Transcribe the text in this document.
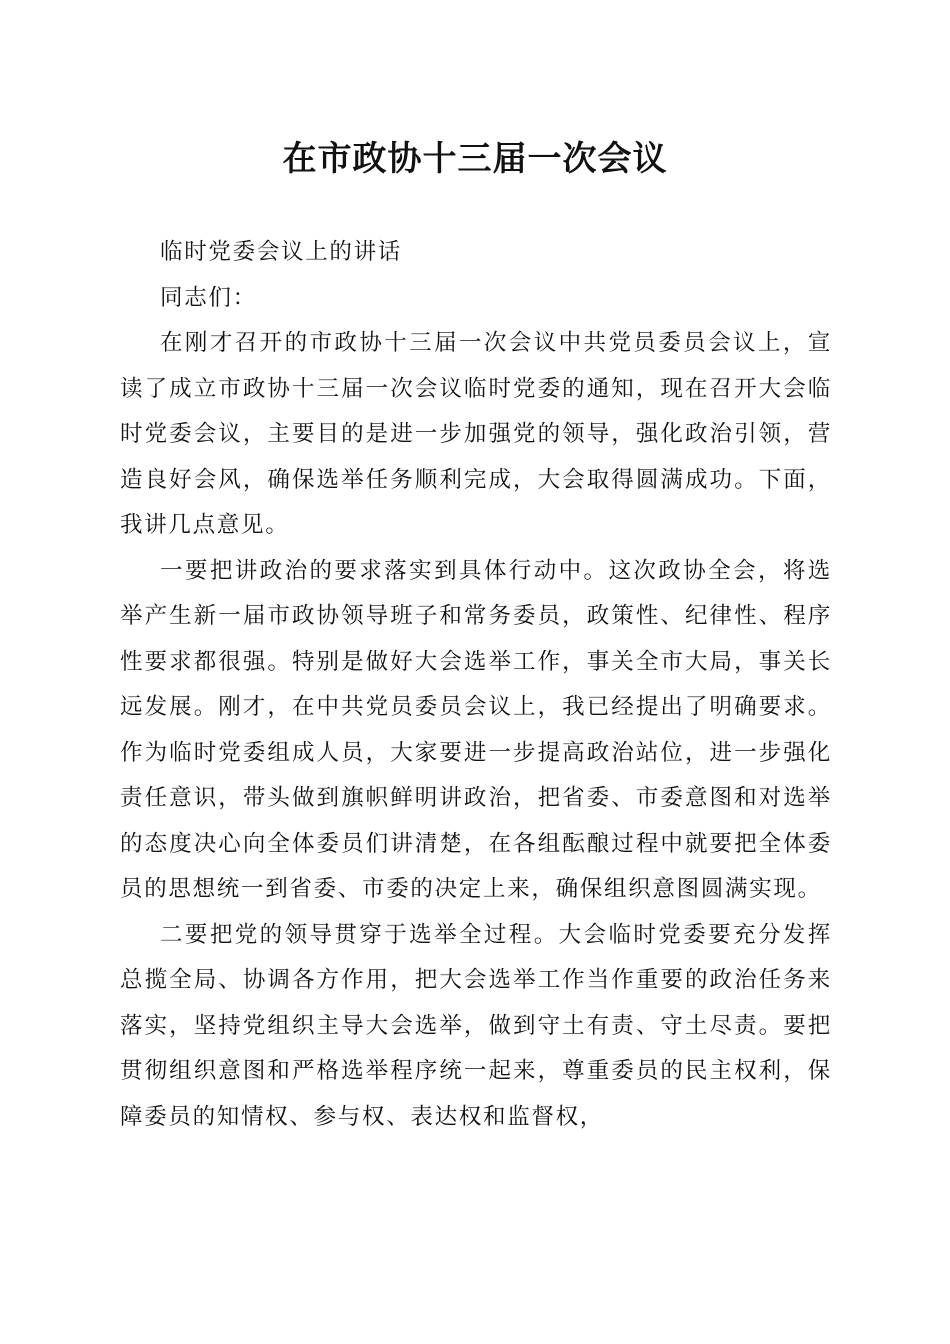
在市政协十三届一次会议

临时党委会议上的讲话

同志们：

在刚才召开的市政协十三届一次会议中共党员委员会议上，宣读了成立市政协十三届一次会议临时党委的通知，现在召开大会临时党委会议，主要目的是进一步加强党的领导，强化政治引领，营造良好会风，确保选举任务顺利完成，大会取得圆满成功。下面，我讲几点意见。

一要把讲政治的要求落实到具体行动中。这次政协全会，将选举产生新一届市政协领导班子和常务委员，政策性、纪律性、程序性要求都很强。特别是做好大会选举工作，事关全市大局，事关长远发展。刚才，在中共党员委员会议上，我已经提出了明确要求。作为临时党委组成人员，大家要进一步提高政治站位，进一步强化责任意识，带头做到旗帜鲜明讲政治，把省委、市委意图和对选举的态度决心向全体委员们讲清楚，在各组酝酿过程中就要把全体委员的思想统一到省委、市委的决定上来，确保组织意图圆满实现。

二要把党的领导贯穿于选举全过程。大会临时党委要充分发挥总揽全局、协调各方作用，把大会选举工作当作重要的政治任务来落实，坚持党组织主导大会选举，做到守土有责、守土尽责。要把贯彻组织意图和严格选举程序统一起来，尊重委员的民主权利，保障委员的知情权、参与权、表达权和监督权，
